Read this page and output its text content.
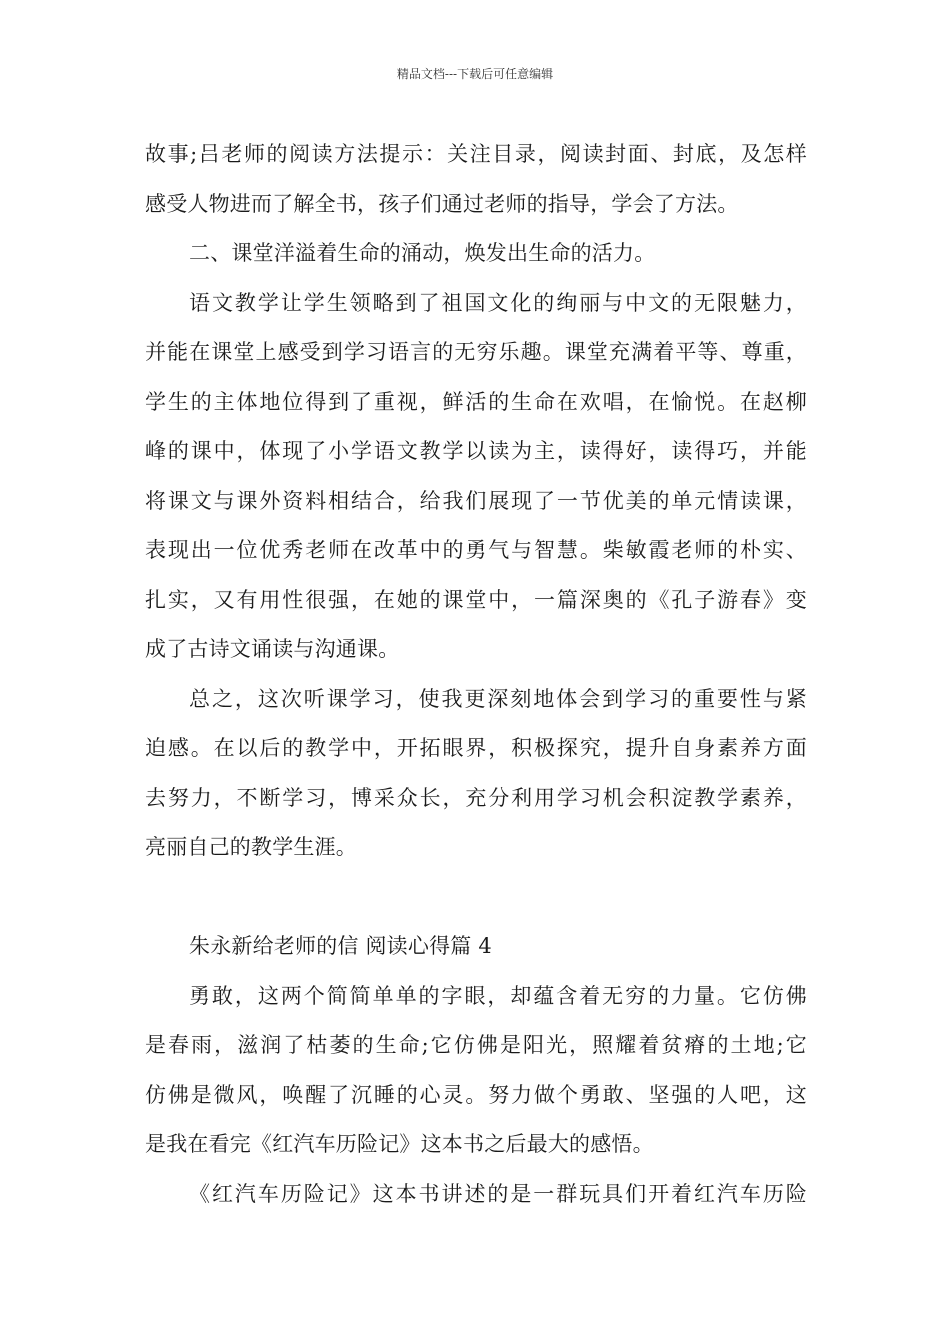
精品文档---下载后可任意编辑
故事;吕老师的阅读方法提示：关注目录，阅读封面、封底，及怎样
感受人物进而了解全书，孩子们通过老师的指导，学会了方法。
二、课堂洋溢着生命的涌动，焕发出生命的活力。
语文教学让学生领略到了祖国文化的绚丽与中文的无限魅力，
并能在课堂上感受到学习语言的无穷乐趣。课堂充满着平等、尊重，
学生的主体地位得到了重视，鲜活的生命在欢唱，在愉悦。在赵柳
峰的课中，体现了小学语文教学以读为主，读得好，读得巧，并能
将课文与课外资料相结合，给我们展现了一节优美的单元情读课，
表现出一位优秀老师在改革中的勇气与智慧。柴敏霞老师的朴实、
扎实，又有用性很强，在她的课堂中，一篇深奥的《孔子游春》变
成了古诗文诵读与沟通课。
总之，这次听课学习，使我更深刻地体会到学习的重要性与紧
迫感。在以后的教学中，开拓眼界，积极探究，提升自身素养方面
去努力，不断学习，博采众长，充分利用学习机会积淀教学素养，
亮丽自己的教学生涯。
朱永新给老师的信 阅读心得篇 4
勇敢，这两个简简单单的字眼，却蕴含着无穷的力量。它仿佛
是春雨，滋润了枯萎的生命;它仿佛是阳光，照耀着贫瘠的土地;它
仿佛是微风，唤醒了沉睡的心灵。努力做个勇敢、坚强的人吧，这
是我在看完《红汽车历险记》这本书之后最大的感悟。
《红汽车历险记》这本书讲述的是一群玩具们开着红汽车历险
